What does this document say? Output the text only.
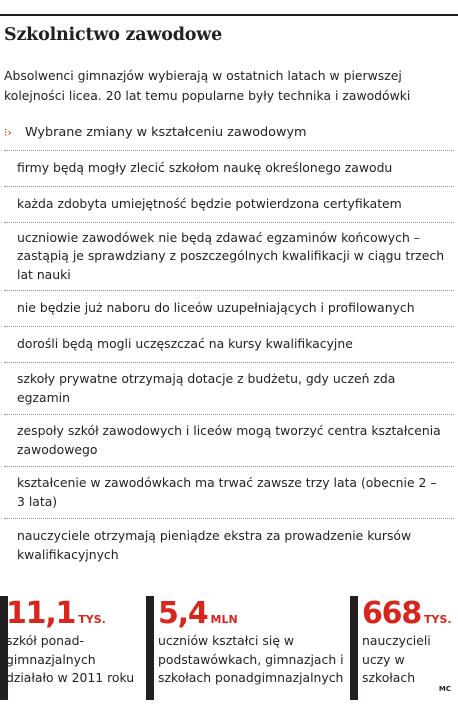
Szkolnictwo zawodowe
Absolwenci gimnazjów wybierają w ostatnich latach w pierwszej kolejności licea. 20 lat temu popularne były technika i zawodówki
⁝›	Wybrane zmiany w kształceniu zawodowym
firmy będą mogły zlecić szkołom naukę określonego zawodu
każda zdobyta umiejętność będzie potwierdzona certyfikatem
uczniowie zawodówek nie będą zdawać egzaminów końcowych – zastąpią je sprawdziany z poszczególnych kwalifikacji w ciągu trzech lat nauki
nie będzie już naboru do liceów uzupełniających i profilowanych
dorośli będą mogli uczęszczać na kursy kwalifikacyjne
szkoły prywatne otrzymają dotacje z budżetu, gdy uczeń zda egzamin
zespoły szkół zawodowych i liceów mogą tworzyć centra kształcenia zawodowego
kształcenie w zawodówkach ma trwać zawsze trzy lata (obecnie 2 – 3 lata)
nauczyciele otrzymają pieniądze ekstra za prowadzenie kursów kwalifikacyjnych
11,1 TYS.
szkół ponad-gimnazjalnych działało w 2011 roku
5,4 MLN
uczniów kształci się w podstawówkach, gimnazjach i szkołach ponadgimnazjalnych
668 TYS.
nauczycieli uczy w szkołach
MC
